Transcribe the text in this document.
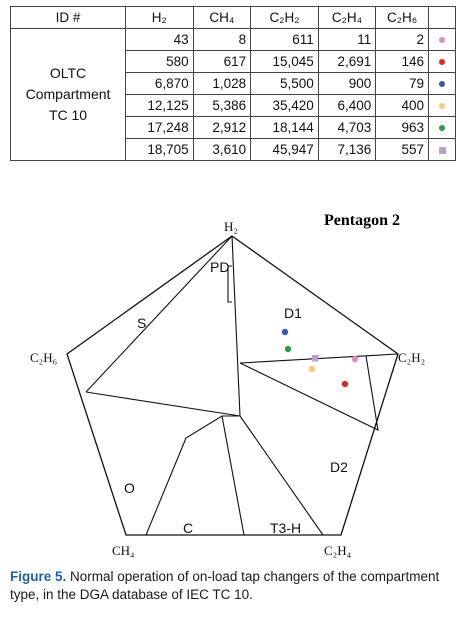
ID #	H₂	CH₄	C₂H₂	C₂H₄	C₂H₆	

OLTC
Compartment
TC 10	43	8	611	11	2	
	580	617	15,045	2,691	146	
	6,870	1,028	5,500	900	79	
	12,125	5,386	35,420	6,400	400	
	17,248	2,912	18,144	4,703	963	
	18,705	3,610	45,947	7,136	557	
Pentagon 2
H₂
C₂H₂
C₂H₄
CH₄
C₂H₆
PD
S
D1
D2
O
C	T3-H
Figure 5. Normal operation of on-load tap changers of the compartment type, in the DGA database of IEC TC 10.
